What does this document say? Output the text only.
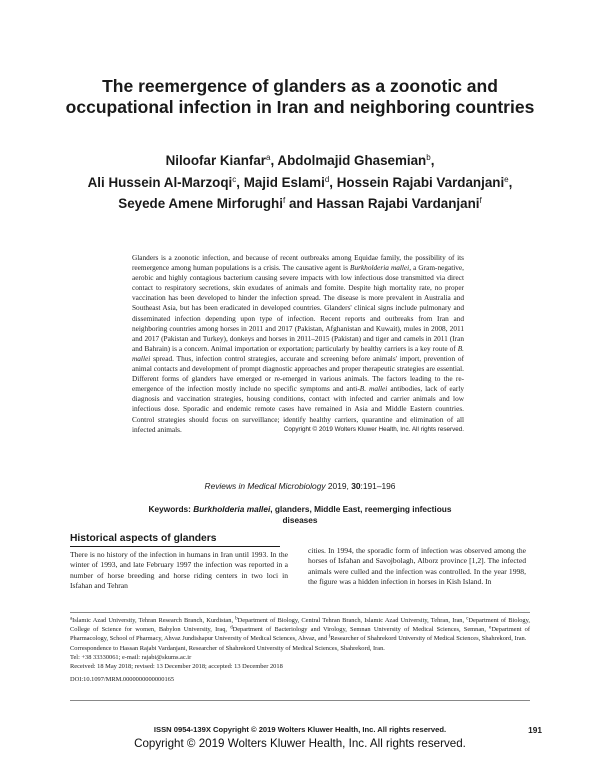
The reemergence of glanders as a zoonotic and occupational infection in Iran and neighboring countries
Niloofar Kianfar$^a$, Abdolmajid Ghasemian$^b$,
Ali Hussein Al-Marzoqi$^c$, Majid Eslami$^d$, Hossein Rajabi Vardanjani$^e$,
Seyede Amene Mirforughi$^f$ and Hassan Rajabi Vardanjani$^f$
Glanders is a zoonotic infection, and because of recent outbreaks among Equidae family, the possibility of its reemergence among human populations is a crisis. The causative agent is Burkholderia mallei, a Gram-negative, aerobic and highly contagious bacterium causing severe impacts with low infectious dose transmitted via direct contact to respiratory secretions, skin exudates of animals and fomite. Despite high mortality rate, no proper vaccination has been developed to hinder the infection spread. The disease is more prevalent in Australia and Southeast Asia, but has been eradicated in developed countries. Glanders' clinical signs include pulmonary and disseminated infection depending upon type of infection. Recent reports and outbreaks from Iran and neighboring countries among horses in 2011 and 2017 (Pakistan, Afghanistan and Kuwait), mules in 2008, 2011 and 2017 (Pakistan and Turkey), donkeys and horses in 2011–2015 (Pakistan) and tiger and camels in 2011 (Iran and Bahrain) is a concern. Animal importation or exportation; particularly by healthy carriers is a key route of B. mallei spread. Thus, infection control strategies, accurate and screening before animals' import, prevention of animal contacts and development of prompt diagnostic approaches and proper therapeutic strategies are essential. Different forms of glanders have emerged or re-emerged in various animals. The factors leading to the re-emergence of the infection mostly include no specific symptoms and anti-B. mallei antibodies, lack of early diagnosis and vaccination strategies, housing conditions, contact with infected and carrier animals and low infectious dose. Sporadic and endemic remote cases have remained in Asia and Middle Eastern countries. Control strategies should focus on surveillance; identify healthy carriers, quarantine and elimination of all infected animals.	Copyright © 2019 Wolters Kluwer Health, Inc. All rights reserved.
Reviews in Medical Microbiology 2019, 30:191–196
Keywords: Burkholderia mallei, glanders, Middle East, reemerging infectious diseases
Historical aspects of glanders

There is no history of the infection in humans in Iran until 1993. In the winter of 1993, and late February 1997 the infection was reported in a number of horse breeding and horse riding centers in two loci in Isfahan and Tehran

cities. In 1994, the sporadic form of infection was observed among the horses of Isfahan and Savojbolagh, Alborz province [1,2]. The infected animals were culled and the infection was controlled. In the year 1998, the figure was a hidden infection in horses in Kish Island. In

$^a$Islamic Azad University, Tehran Research Branch, Kurdistan, $^b$Department of Biology, Central Tehran Branch, Islamic Azad University, Tehran, Iran, $^c$Department of Biology, College of Science for women, Babylon University, Iraq, $^d$Department of Bacteriology and Virology, Semnan University of Medical Sciences, Semnan, $^e$Department of Pharmacology, School of Pharmacy, Ahvaz Jundishapur University of Medical Sciences, Ahvaz, and $^f$Researcher of Shahrekord University of Medical Sciences, Shahrekord, Iran.

Correspondence to Hassan Rajabi Vardanjani, Researcher of Shahrekord University of Medical Sciences, Shahrekord, Iran.

Tel: +38 33330061; e-mail: rajabi@skums.ac.ir

Received: 18 May 2018; revised: 13 December 2018; accepted: 13 December 2018

DOI:10.1097/MRM.0000000000000165

ISSN 0954-139X Copyright © 2019 Wolters Kluwer Health, Inc. All rights reserved.	191
Copyright © 2019 Wolters Kluwer Health, Inc. All rights reserved.
